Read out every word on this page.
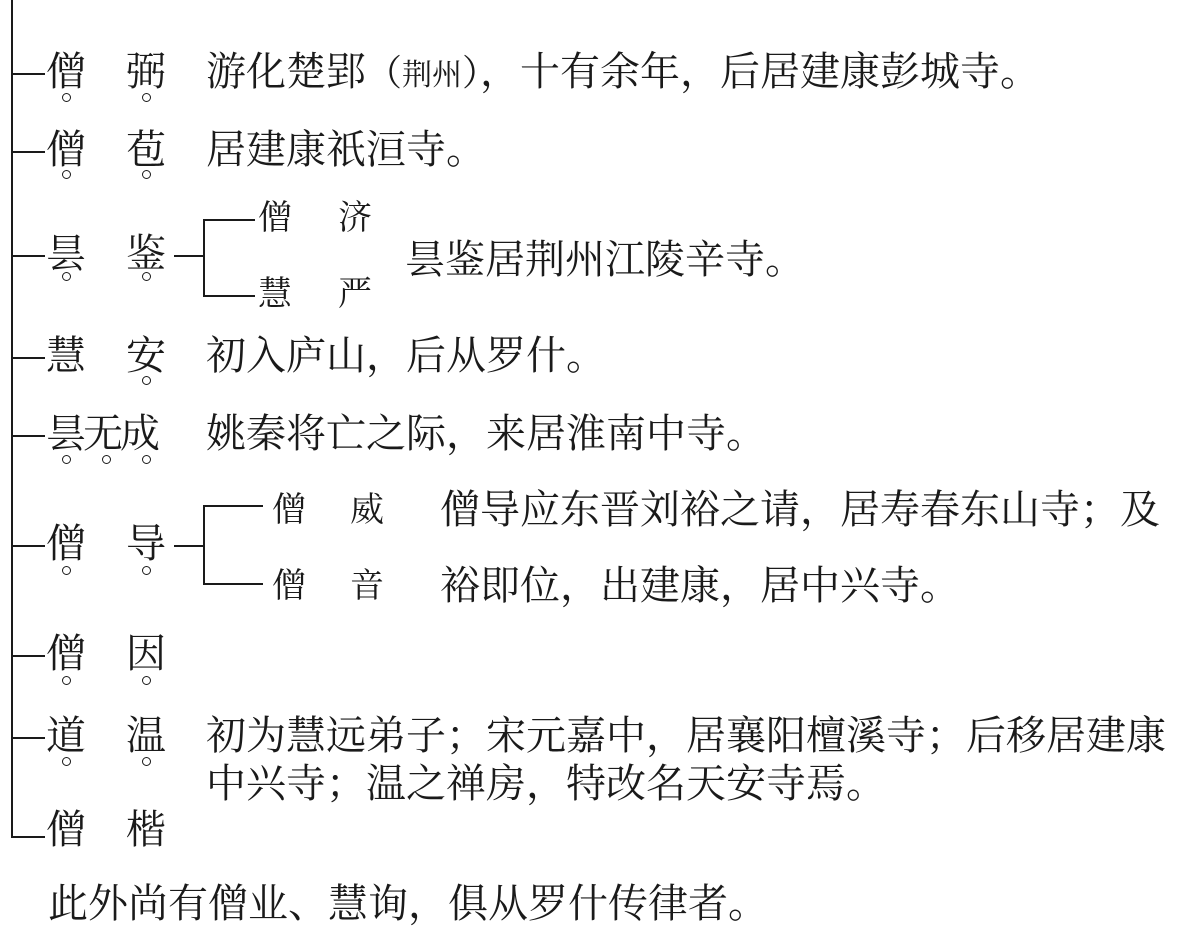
僧 弼 游化楚郢（荆州），十有余年，后居建康彭城寺。
僧 苞 居建康祇洹寺。
昙 鉴
僧 济
慧 严
昙鉴居荆州江陵辛寺。
慧 安 初入庐山，后从罗什。
昙无成 姚秦将亡之际，来居淮南中寺。
僧 导
僧 威
僧 音
僧导应东晋刘裕之请，居寿春东山寺；及
裕即位，出建康，居中兴寺。
僧 因
道 温 初为慧远弟子；宋元嘉中，居襄阳檀溪寺；后移居建康
中兴寺；温之禅房，特改名天安寺焉。
僧 楷
此外尚有僧业、慧询，俱从罗什传律者。
